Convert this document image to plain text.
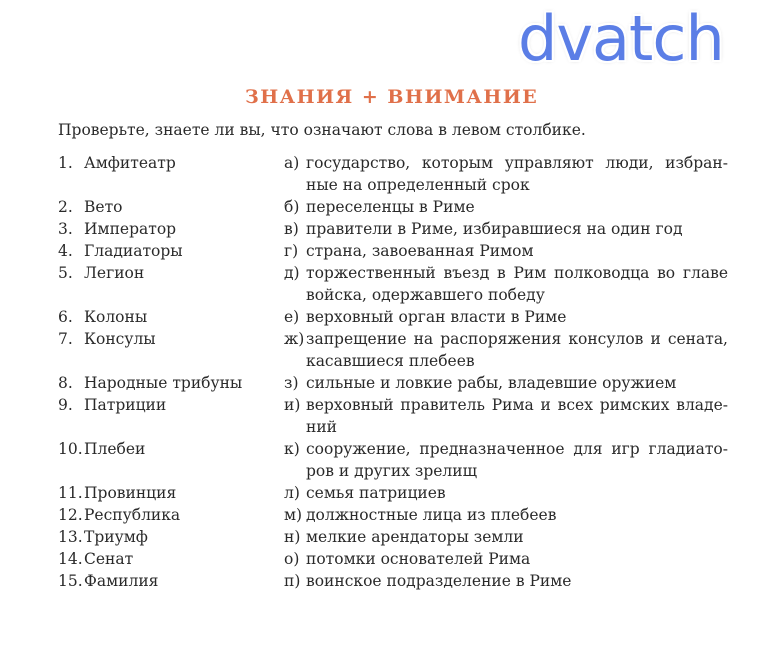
dvatch
ЗНАНИЯ + ВНИМАНИЕ
Проверьте, знаете ли вы, что означают слова в левом столбике.
1. Амфитеатр	а) государство, которым управляют люди, избран-
ные на определенный срок
2. Вето	б) переселенцы в Риме
3. Император	в) правители в Риме, избиравшиеся на один год
4. Гладиаторы	г) страна, завоеванная Римом
5. Легион	д) торжественный въезд в Рим полководца во главе
войска, одержавшего победу
6. Колоны	е) верховный орган власти в Риме
7. Консулы	ж) запрещение на распоряжения консулов и сената,
касавшиеся плебеев
8. Народные трибуны	з) сильные и ловкие рабы, владевшие оружием
9. Патриции	и) верховный правитель Рима и всех римских владе-
ний
10.Плебеи	к) сооружение, предназначенное для игр гладиато-
ров и других зрелищ
11.Провинция	л) семья патрициев
12.Республика	м) должностные лица из плебеев
13.Триумф	н) мелкие арендаторы земли
14.Сенат	о) потомки основателей Рима
15.Фамилия	п) воинское подразделение в Риме
